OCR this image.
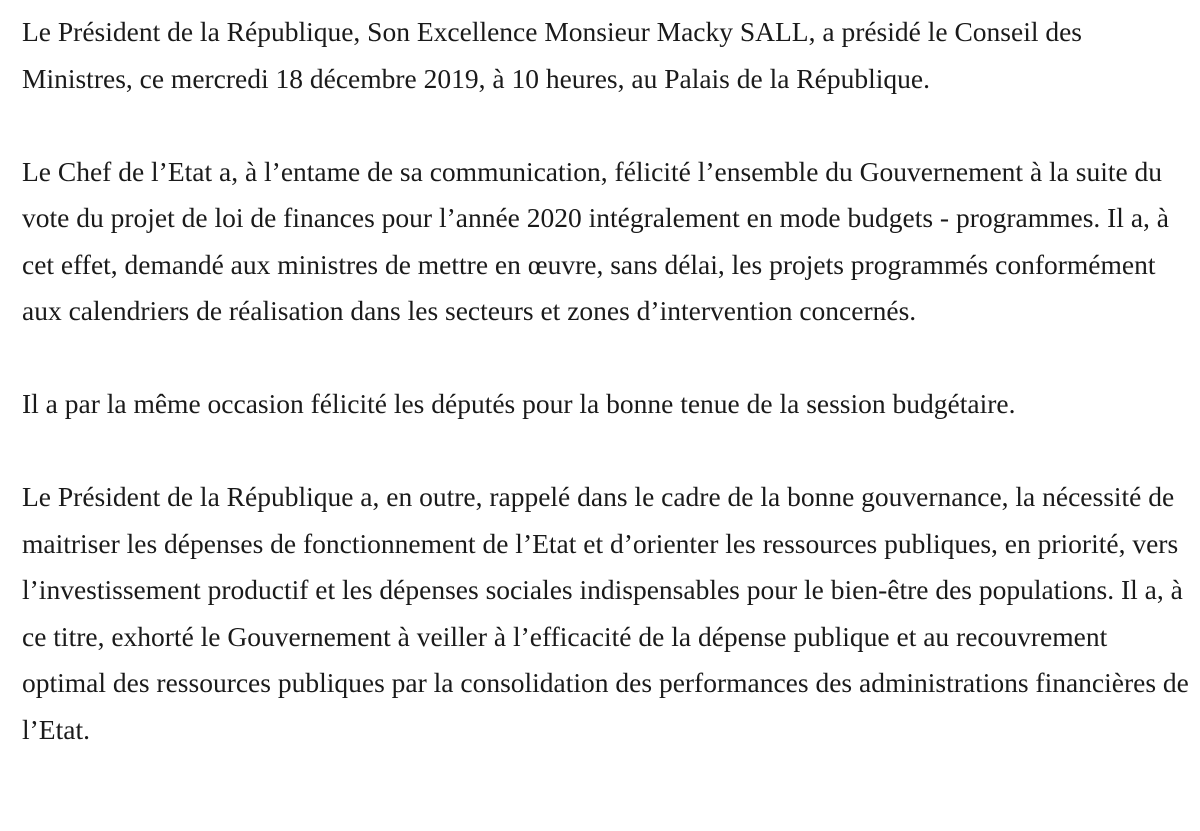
Le Président de la République, Son Excellence Monsieur Macky SALL, a présidé le Conseil des Ministres, ce mercredi 18 décembre 2019, à 10 heures, au Palais de la République.

Le Chef de l’Etat a, à l’entame de sa communication, félicité l’ensemble du Gouvernement à la suite du vote du projet de loi de finances pour l’année 2020 intégralement en mode budgets - programmes. Il a, à cet effet, demandé aux ministres de mettre en œuvre, sans délai, les projets programmés conformément aux calendriers de réalisation dans les secteurs et zones d’intervention concernés.

Il a par la même occasion félicité les députés pour la bonne tenue de la session budgétaire.

Le Président de la République a, en outre, rappelé dans le cadre de la bonne gouvernance, la nécessité de maitriser les dépenses de fonctionnement de l’Etat et d’orienter les ressources publiques, en priorité, vers l’investissement productif et les dépenses sociales indispensables pour le bien-être des populations. Il a, à ce titre, exhorté le Gouvernement à veiller à l’efficacité de la dépense publique et au recouvrement optimal des ressources publiques par la consolidation des performances des administrations financières de l’Etat.
